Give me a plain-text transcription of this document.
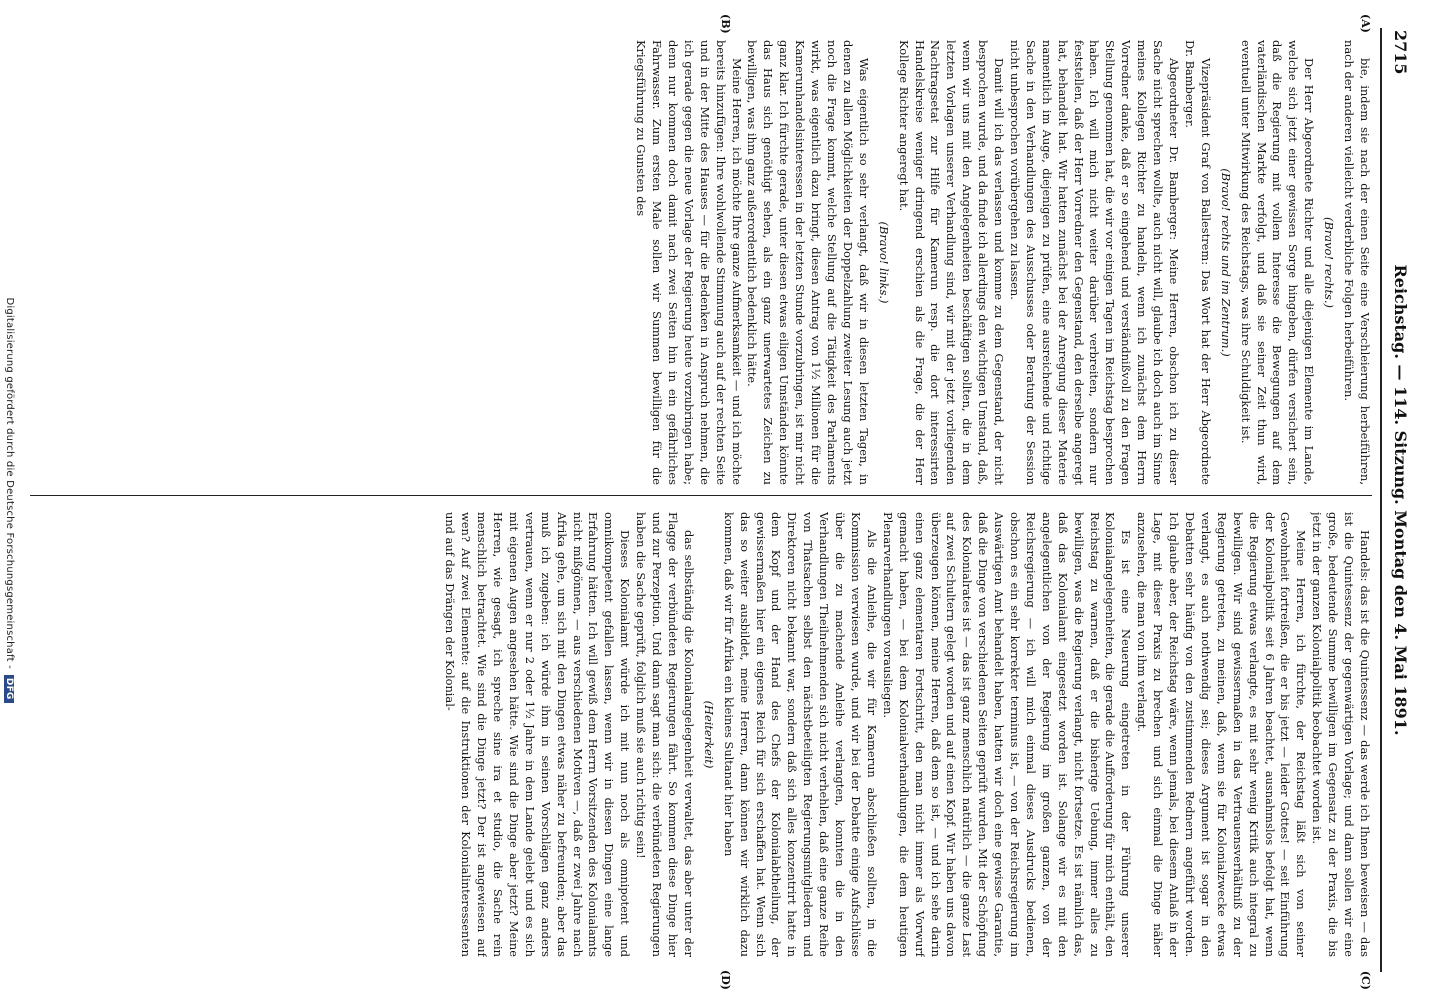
2715
Reichstag. — 114. Sitzung. Montag den 4. Mai 1891.
(A)
(B)
(C)
(D)

bie, indem sie nach der einen Seite eine Verschleierung herbeiführen, nach der anderen vielleicht verderbliche Folgen herbeiführen.

(Bravo! rechts.)

Der Herr Abgeordnete Richter und alle diejenigen Elemente im Lande, welche sich jetzt einer gewissen Sorge hingeben, dürfen versichert sein, daß die Regierung mit vollem Interesse die Bewegungen auf dem vaterländischen Markte verfolgt, und daß sie seiner Zeit thun wird, eventuell unter Mitwirkung des Reichstags, was ihre Schuldigkeit ist.

(Bravo! rechts und im Zentrum.)

Vizepräsident Graf von Ballestrem: Das Wort hat der Herr Abgeordnete Dr. Bamberger.

Abgeordneter Dr. Bamberger: Meine Herren, obschon ich zu dieser Sache nicht sprechen wollte, auch nicht will, glaube ich doch auch im Sinne meines Kollegen Richter zu handeln, wenn ich zunächst dem Herrn Vorredner danke, daß er so eingehend und verständnißvoll zu den Fragen Stellung genommen hat, die wir vor einigen Tagen im Reichstag besprochen haben. Ich will mich nicht weiter darüber verbreiten, sondern nur feststellen, daß der Herr Vorredner den Gegenstand, den derselbe angeregt hat, behandelt hat. Wir hatten zunächst bei der Anregung dieser Materie namentlich im Auge, diejenigen zu prüfen, eine ausreichende und richtige Sache in den Verhandlungen des Ausschusses oder Beratung der Session nicht unbesprochen vorübergehen zu lassen.

Damit will ich das verlassen und komme zu dem Gegenstand, der nicht besprochen wurde, und da finde ich allerdings den wichtigen Umstand, daß, wenn wir uns mit den Angelegenheiten beschäftigen sollten, die in dem letzten Vorlagen unserer Verhandlung sind, wir mit der jetzt vorliegenden Nachtragsetat zur Hilfe für Kamerun resp. die dort interessirten Handelskreise weniger dringend erschien als die Frage, die der Herr Kollege Richter angeregt hat.

(Bravo! links.)

Was eigentlich so sehr verlangt, daß wir in diesen letzten Tagen, in denen zu allen Möglichkeiten der Doppelzahlung zweiter Lesung auch jetzt noch die Frage kommt, welche Stellung auf die Tätigkeit des Parlaments wirkt, was eigentlich dazu bringt, diesen Antrag von 1½ Millionen für die Kamerunhandelsinteressen in der letzten Stunde vorzubringen, ist mir nicht ganz klar. Ich fürchte gerade, unter diesen etwas eiligen Umständen könnte das Haus sich genöthigt sehen, als ein ganz unerwartetes Zeichen zu bewilligen, was ihm ganz außerordentlich bedenklich hätte.

Meine Herren, ich möchte Ihre ganze Aufmerksamkeit — und ich möchte bereits hinzufügen: Ihre wohlwollende Stimmung auch auf der rechten Seite und in der Mitte des Hauses — für die Bedenken in Anspruch nehmen, die ich gerade gegen die neue Vorlage der Regierung heute vorzubringen habe; denn nur kommen doch damit nach zwei Seiten hin in ein gefährliches Fahrwasser. Zum ersten Male sollen wir Summen bewilligen für die Kriegsführung zu Gunsten des

Handels: das ist die Quintessenz — das werde ich Ihnen beweisen — das ist die Quintessenz der gegenwärtigen Vorlage; und dann sollen wir eine große, bedeutende Summe bewilligen im Gegensatz zu der Praxis, die bis jetzt in der ganzen Kolonialpolitik beobachtet worden ist.

Meine Herren, ich fürchte, der Reichstag läßt sich von seiner Gewohnheit fortreißen, die er bis jetzt — leider Gottes! — seit Einführung der Kolonialpolitik seit 6 Jahren beachtet, ausnahmslos befolgt hat, wenn die Regierung etwas verlangte, es mit sehr wenig Kritik auch integral zu bewilligen. Wir sind gewissermaßen in das Vertrauensverhältniß zu der Regierung getreten, zu meinen, daß, wenn sie für Kolonialzwecke etwas verlangt, es auch nothwendig sei; dieses Argument ist sogar in den Debatten sehr häufig von den zustimmenden Rednern angeführt worden. Ich glaube aber, der Reichstag wäre, wenn jemals, bei diesem Anlaß in der Lage, mit dieser Praxis zu brechen und sich einmal die Dinge näher anzusehen, die man von ihm verlangt.

Es ist eine Neuerung eingetreten in der Führung unserer Kolonialangelegenheiten, die gerade die Aufforderung für mich enthält, den Reichstag zu warnen, daß er die bisherige Uebung, immer alles zu bewilligen, was die Regierung verlangt, nicht fortsetze. Es ist nämlich das, daß das Kolonialamt eingesetzt worden ist. Solange wir es mit den angelegentlichen von der Regierung im großen ganzen, von der Reichsregierung — ich will mich einmal dieses Ausdrucks bedienen, obschon es ein sehr korrekter terminus ist, — von der Reichsregierung im Auswärtigen Amt behandelt haben, hatten wir doch eine gewisse Garantie, daß die Dinge von verschiedenen Seiten geprüft wurden. Mit der Schöpfung des Kolonialrates ist — das ist ganz menschlich natürlich — die ganze Last auf zwei Schultern gelegt worden und auf einen Kopf. Wir haben uns davon überzeugen können, meine Herren, daß dem so ist, — und ich sehe darin einen ganz elementaren Fortschritt, den man nicht immer als Vorwurf gemacht haben, — bei dem Kolonialverhandlungen, die dem heutigen Plenarverhandlungen vorausliegen.

Als die Anleihe, die wir für Kamerun abschließen sollten, in die Kommission verwiesen wurde, und wir bei der Debatte einige Aufschlüsse über die zu machende Anleihe verlangten, konnten die in den Verhandlungen Theilnehmenden sich nicht verhehlen, daß eine ganze Reihe von Thatsachen selbst den nächstbeteiligten Regierungsmitgliedern und Direktoren nicht bekannt war, sondern daß sich alles konzentrirt hatte in dem Kopf und der Hand des Chefs der Kolonialabtheilung, der gewissermaßen hier ein eigenes Reich für sich erschaffen hat. Wenn sich das so weiter ausbildet, meine Herren, dann können wir wirklich dazu kommen, daß wir für Afrika ein kleines Sultanat hier haben

(Heiterkeit)

das selbständig die Kolonialangelegenheit verwaltet, das aber unter der Flagge der verbündeten Regierungen fährt. So kommen diese Dinge hier und zur Perzeption. Und dann sagt man sich: die verbündeten Regierungen haben die Sache geprüft, folglich muß sie auch richtig sein!

Dieses Kolonialamt würde ich mit nun noch als omnipotent und omnikompetent gefallen lassen, wenn wir in diesen Dingen eine lange Erfahrung hätten. Ich will gewiß dem Herrn Vorsitzenden des Kolonialamts nicht mißgönnen, — aus verschiedenen Motiven —, daß er zwei Jahre nach Afrika gehe, um sich mit den Dingen etwas näher zu befreunden; aber das muß ich zugeben: ich würde ihm in seinen Vorschlägen ganz anders vertrauen, wenn er nur 2 oder 1½ Jahre in dem Lande gelebt und es sich mit eigenen Augen angesehen hätte. Wie sind die Dinge aber jetzt? Meine Herren, wie gesagt, ich spreche sine ira et studio, die Sache rein menschlich betrachtet. Wie sind die Dinge jetzt? Der ist angewiesen auf wen? Auf zwei Elemente: auf die Instruktionen der Kolonialinteressenten und auf das Drängen der Kolonial-

Digitalisierung gefördert durch die Deutsche Forschungsgemeinschaft -DFG
